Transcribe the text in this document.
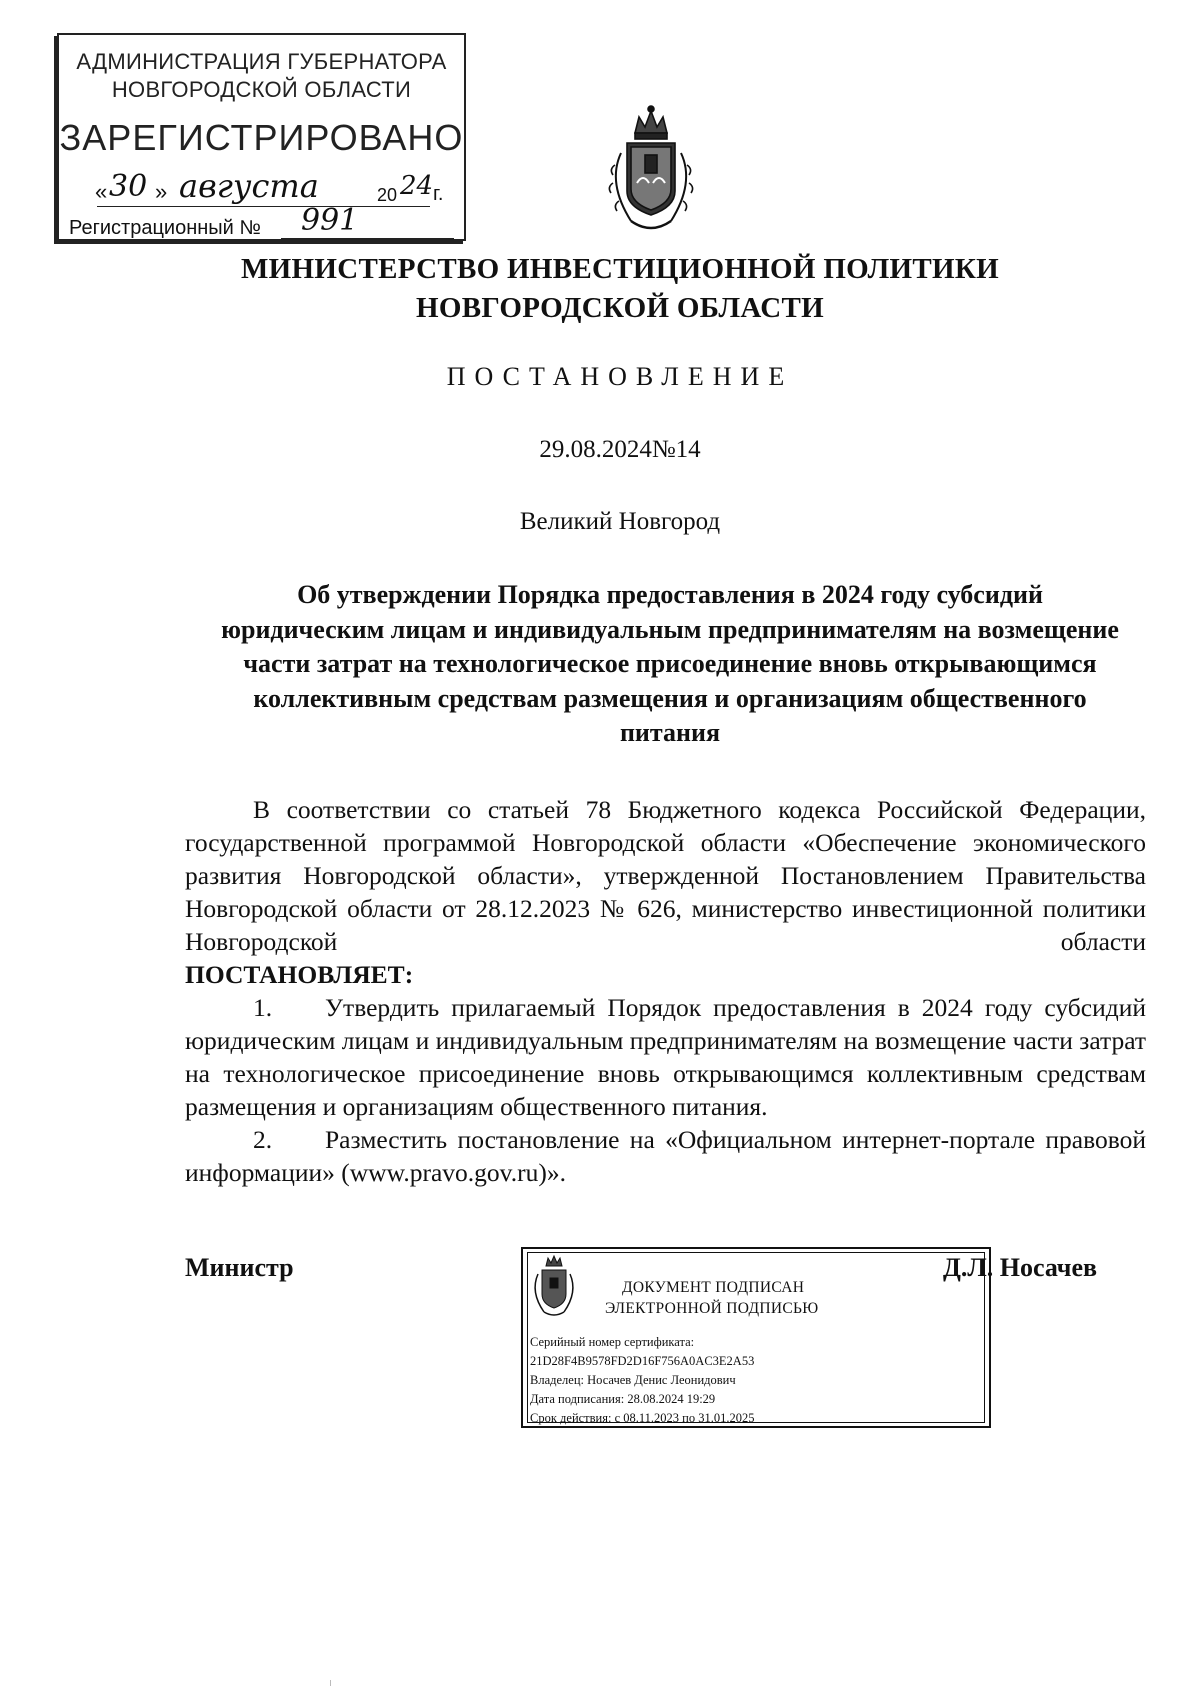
АДМИНИСТРАЦИЯ ГУБЕРНАТОРА
НОВГОРОДСКОЙ ОБЛАСТИ
ЗАРЕГИСТРИРОВАНО
« 30 » августа	20 24 г.
Регистрационный № 991
МИНИСТЕРСТВО ИНВЕСТИЦИОННОЙ ПОЛИТИКИ
НОВГОРОДСКОЙ ОБЛАСТИ
ПОСТАНОВЛЕНИЕ
29.08.2024№14
Великий Новгород
Об утверждении Порядка предоставления в 2024 году субсидий юридическим лицам и индивидуальным предпринимателям на возмещение части затрат на технологическое присоединение вновь открывающимся коллективным средствам размещения и организациям общественного питания

В соответствии со статьей 78 Бюджетного кодекса Российской Федерации, государственной программой Новгородской области «Обеспечение экономического развития Новгородской области», утвержденной Постановлением Правительства Новгородской области от 28.12.2023 № 626, министерство инвестиционной политики Новгородской области

ПОСТАНОВЛЯЕТ:

1. Утвердить прилагаемый Порядок предоставления в 2024 году субсидий юридическим лицам и индивидуальным предпринимателям на возмещение части затрат на технологическое присоединение вновь открывающимся коллективным средствам размещения и организациям общественного питания.

2. Разместить постановление на «Официальном интернет-портале правовой информации» (www.pravo.gov.ru)».

Министр
ДОКУМЕНТ ПОДПИСАН
ЭЛЕКТРОННОЙ ПОДПИСЬЮ
Серийный номер сертификата:
21D28F4B9578FD2D16F756A0AC3E2A53
Владелец: Носачев Денис Леонидович
Дата подписания: 28.08.2024 19:29
Срок действия: с 08.11.2023 по 31.01.2025
Д.Л. Носачев
